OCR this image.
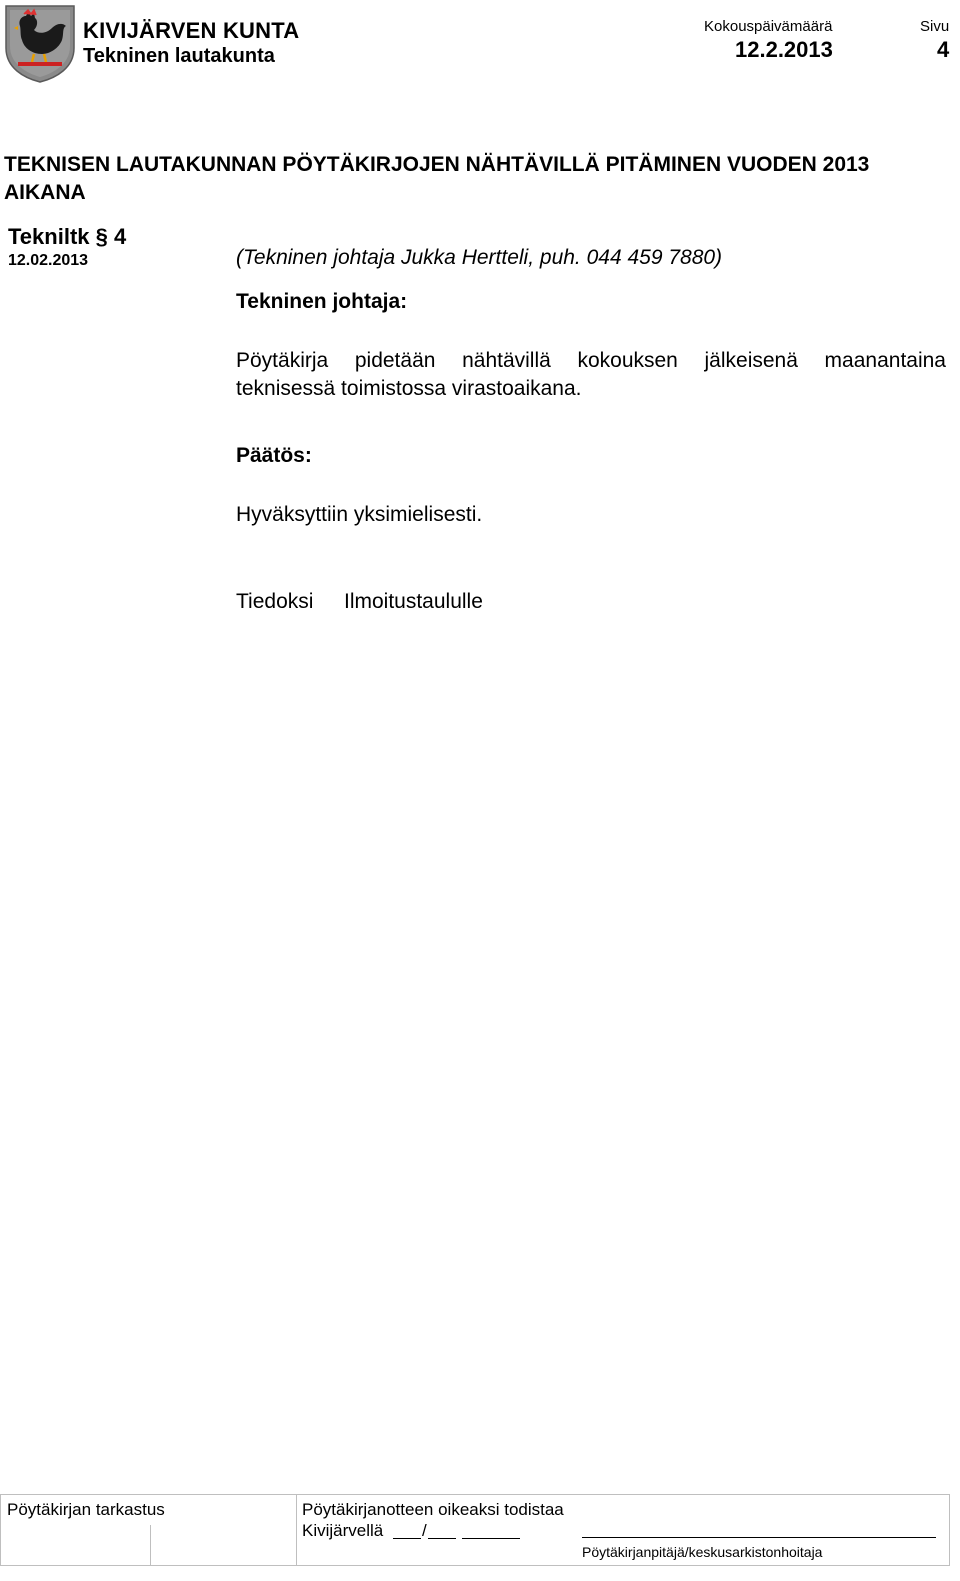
KIVIJÄRVEN KUNTA
Tekninen lautakunta
Kokouspäivämäärä
12.2.2013
Sivu
4
TEKNISEN LAUTAKUNNAN PÖYTÄKIRJOJEN NÄHTÄVILLÄ PITÄMINEN VUODEN 2013 AIKANA
Tekniltk § 4
12.02.2013	(Tekninen johtaja Jukka Hertteli, puh. 044 459 7880)
Tekninen johtaja:
Pöytäkirja pidetään nähtävillä kokouksen jälkeisenä maanantaina teknisessä toimistossa virastoaikana.
Päätös:
Hyväksyttiin yksimielisesti.
Tiedoksi Ilmoitustaululle
Pöytäkirjan tarkastus	Pöytäkirjanotteen oikeaksi todistaa
Kivijärvellä /
Pöytäkirjanpitäjä/keskusarkistonhoitaja
